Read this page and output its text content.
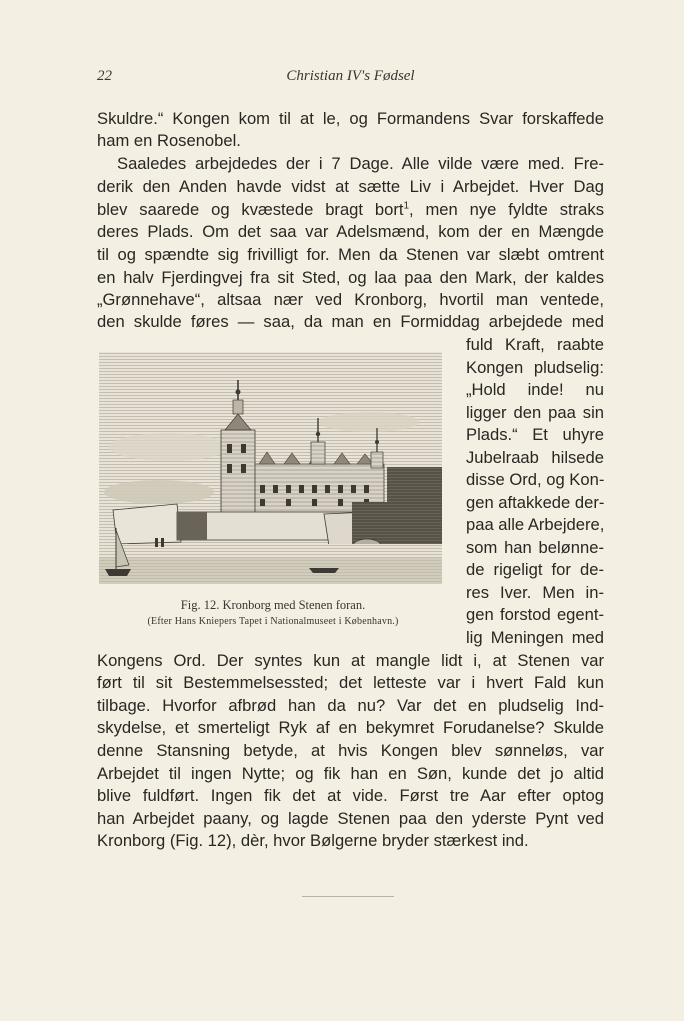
22	Christian IV's Fødsel
Skuldre.“ Kongen kom til at le, og Formandens Svar forskaffede
ham en Rosenobel.
Saaledes arbejdedes der i 7 Dage. Alle vilde være med. Fre-
derik den Anden havde vidst at sætte Liv i Arbejdet. Hver Dag
blev saarede og kvæstede bragt bort$^1$, men nye fyldte straks
deres Plads. Om det saa var Adelsmænd, kom der en Mængde
til og spændte sig frivilligt for. Men da Stenen var slæbt omtrent
en halv Fjerdingvej fra sit Sted, og laa paa den Mark, der kaldes
„Grønnehave“, altsaa nær ved Kronborg, hvortil man ventede,
den skulde føres — saa, da man en Formiddag arbejdede med
Fig. 12. Kronborg med Stenen foran.
(Efter Hans Kniepers Tapet i Nationalmuseet i København.)
fuld Kraft, raabte
Kongen pludselig:
„Hold inde! nu
ligger den paa sin
Plads.“ Et uhyre
Jubelraab hilsede
disse Ord, og Kon-
gen aftakkede der-
paa alle Arbejdere,
som han belønne-
de rigeligt for de-
res Iver. Men in-
gen forstod egent-
lig Meningen med
Kongens Ord. Der syntes kun at mangle lidt i, at Stenen var
ført til sit Bestemmelsessted; det letteste var i hvert Fald kun
tilbage. Hvorfor afbrød han da nu? Var det en pludselig Ind-
skydelse, et smerteligt Ryk af en bekymret Forudanelse? Skulde
denne Stansning betyde, at hvis Kongen blev sønneløs, var
Arbejdet til ingen Nytte; og fik han en Søn, kunde det jo altid
blive fuldført. Ingen fik det at vide. Først tre Aar efter optog
han Arbejdet paany, og lagde Stenen paa den yderste Pynt ved
Kronborg (Fig. 12), dèr, hvor Bølgerne bryder stærkest ind.
